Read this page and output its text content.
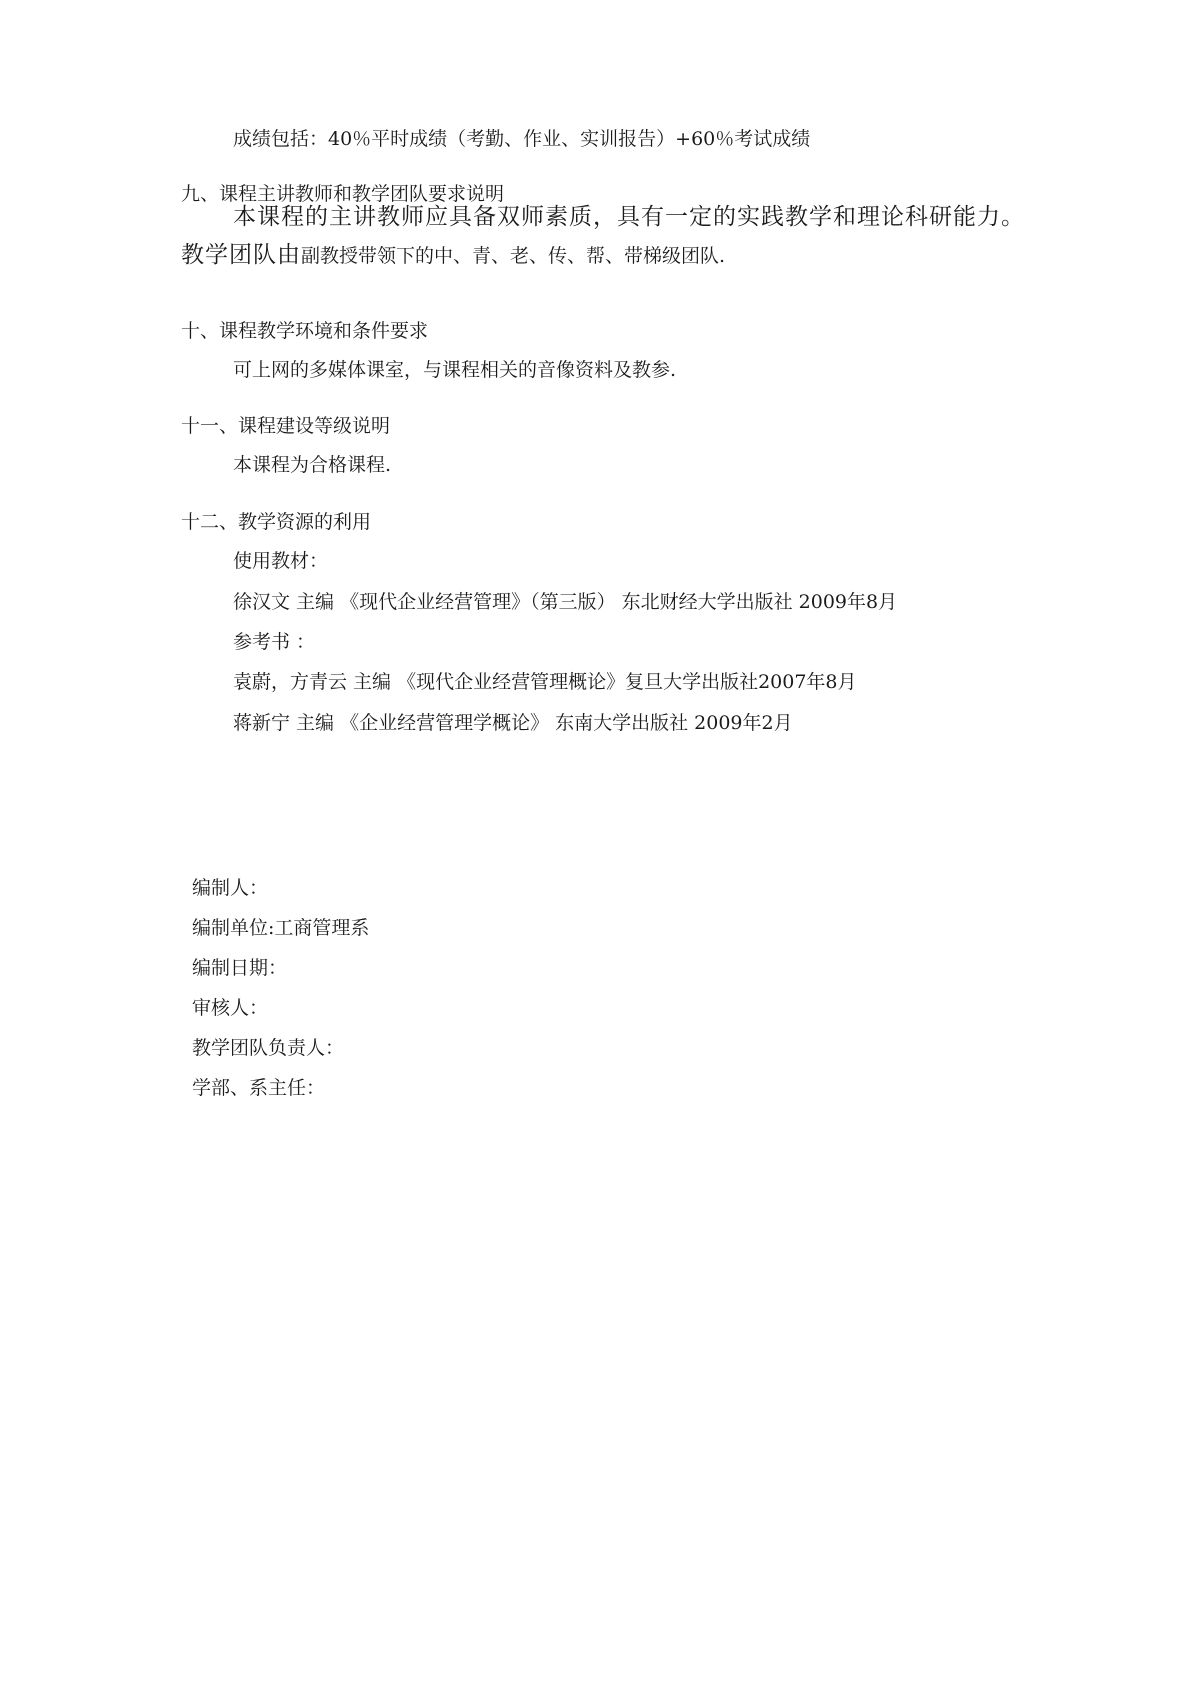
成绩包括：40％平时成绩（考勤、作业、实训报告）+60％考试成绩
九、课程主讲教师和教学团队要求说明
本课程的主讲教师应具备双师素质，具有一定的实践教学和理论科研能力。
教学团队由副教授带领下的中、青、老、传、帮、带梯级团队.
十、课程教学环境和条件要求
可上网的多媒体课室，与课程相关的音像资料及教参.
十一、课程建设等级说明
本课程为合格课程.
十二、教学资源的利用
使用教材：
徐汉文 主编 《现代企业经营管理》（第三版） 东北财经大学出版社 2009年8月
参考书 ：
袁蔚，方青云 主编 《现代企业经营管理概论》复旦大学出版社2007年8月
蒋新宁 主编 《企业经营管理学概论》 东南大学出版社 2009年2月
编制人：
编制单位:工商管理系
编制日期：
审核人：
教学团队负责人：
学部、系主任：
